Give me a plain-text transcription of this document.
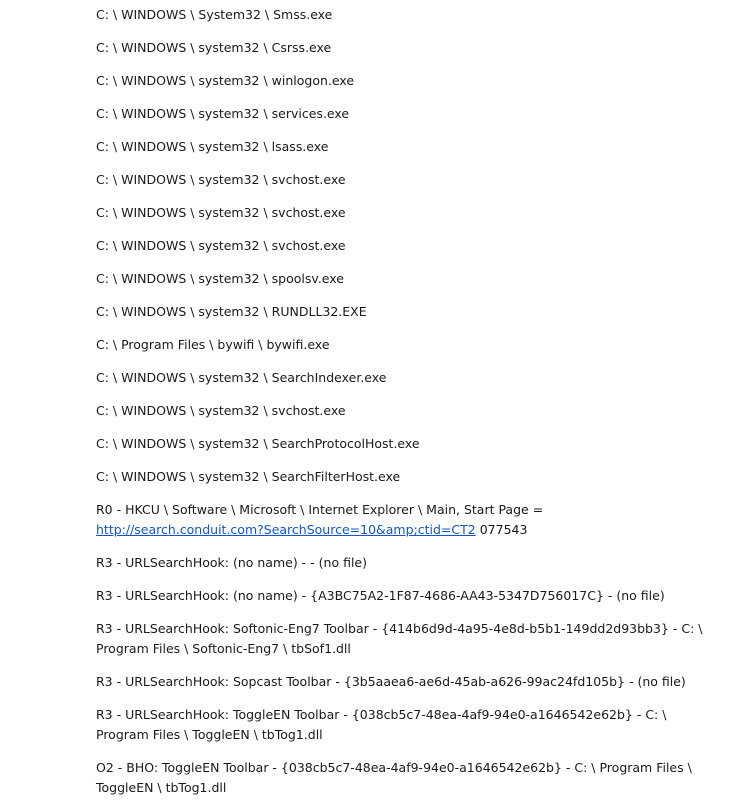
C: \ WINDOWS \ System32 \ Smss.exe

C: \ WINDOWS \ system32 \ Csrss.exe

C: \ WINDOWS \ system32 \ winlogon.exe

C: \ WINDOWS \ system32 \ services.exe

C: \ WINDOWS \ system32 \ lsass.exe

C: \ WINDOWS \ system32 \ svchost.exe

C: \ WINDOWS \ system32 \ svchost.exe

C: \ WINDOWS \ system32 \ svchost.exe

C: \ WINDOWS \ system32 \ spoolsv.exe

C: \ WINDOWS \ system32 \ RUNDLL32.EXE

C: \ Program Files \ bywifi \ bywifi.exe

C: \ WINDOWS \ system32 \ SearchIndexer.exe

C: \ WINDOWS \ system32 \ svchost.exe

C: \ WINDOWS \ system32 \ SearchProtocolHost.exe

C: \ WINDOWS \ system32 \ SearchFilterHost.exe

R0 - HKCU \ Software \ Microsoft \ Internet Explorer \ Main, Start Page = http://search.conduit.com?SearchSource=10&amp;ctid=CT2 077543

R3 - URLSearchHook: (no name) - - (no file)

R3 - URLSearchHook: (no name) - {A3BC75A2-1F87-4686-AA43-5347D756017C} - (no file)

R3 - URLSearchHook: Softonic-Eng7 Toolbar - {414b6d9d-4a95-4e8d-b5b1-149dd2d93bb3} - C: \ Program Files \ Softonic-Eng7 \ tbSof1.dll

R3 - URLSearchHook: Sopcast Toolbar - {3b5aaea6-ae6d-45ab-a626-99ac24fd105b} - (no file)

R3 - URLSearchHook: ToggleEN Toolbar - {038cb5c7-48ea-4af9-94e0-a1646542e62b} - C: \ Program Files \ ToggleEN \ tbTog1.dll

O2 - BHO: ToggleEN Toolbar - {038cb5c7-48ea-4af9-94e0-a1646542e62b} - C: \ Program Files \ ToggleEN \ tbTog1.dll
